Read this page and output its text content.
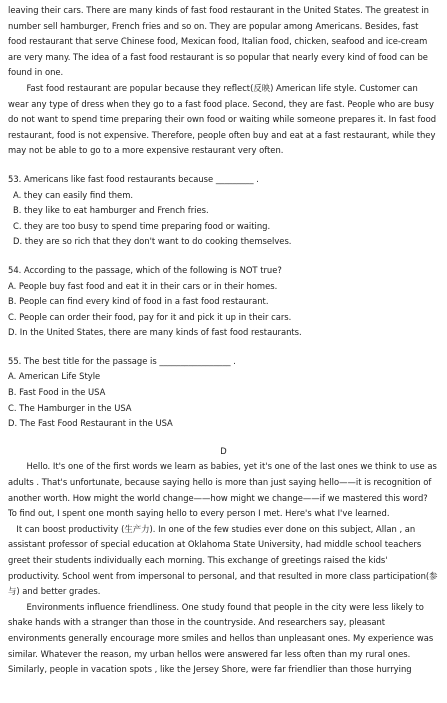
leaving their cars. There are many kinds of fast food restaurant in the United States. The greatest in number sell hamburger, French fries and so on. They are popular among Americans. Besides, fast food restaurant that serve Chinese food, Mexican food, Italian food, chicken, seafood and ice-cream are very many. The idea of a fast food restaurant is so popular that nearly every kind of food can be found in one.

Fast food restaurant are popular because they reflect(反映) American life style. Customer can wear any type of dress when they go to a fast food place. Second, they are fast. People who are busy do not want to spend time preparing their own food or waiting while someone prepares it. In fast food restaurant, food is not expensive. Therefore, people often buy and eat at a fast restaurant, while they may not be able to go to a more expensive restaurant very often.

53. Americans like fast food restaurants because _________ .

A. they can easily find them.

B. they like to eat hamburger and French fries.

C. they are too busy to spend time preparing food or waiting.

D. they are so rich that they don't want to do cooking themselves.

54. According to the passage, which of the following is NOT true?

A. People buy fast food and eat it in their cars or in their homes.

B. People can find every kind of food in a fast food restaurant.

C. People can order their food, pay for it and pick it up in their cars.

D. In the United States, there are many kinds of fast food restaurants.

55. The best title for the passage is _________________ .

A. American Life Style

B. Fast Food in the USA

C. The Hamburger in the USA

D. The Fast Food Restaurant in the USA

D

Hello. It's one of the first words we learn as babies, yet it's one of the last ones we think to use as adults . That's unfortunate, because saying hello is more than just saying hello——it is recognition of another worth. How might the world change——how might we change——if we mastered this word? To find out, I spent one month saying hello to every person I met. Here's what I've learned.

It can boost productivity (生产力). In one of the few studies ever done on this subject, Allan , an assistant professor of special education at Oklahoma State University, had middle school teachers greet their students individually each morning. This exchange of greetings raised the kids' productivity. School went from impersonal to personal, and that resulted in more class participation(参与) and better grades.

Environments influence friendliness. One study found that people in the city were less likely to shake hands with a stranger than those in the countryside. And researchers say, pleasant environments generally encourage more smiles and hellos than unpleasant ones. My experience was similar. Whatever the reason, my urban hellos were answered far less often than my rural ones. Similarly, people in vacation spots , like the Jersey Shore, were far friendlier than those hurrying
